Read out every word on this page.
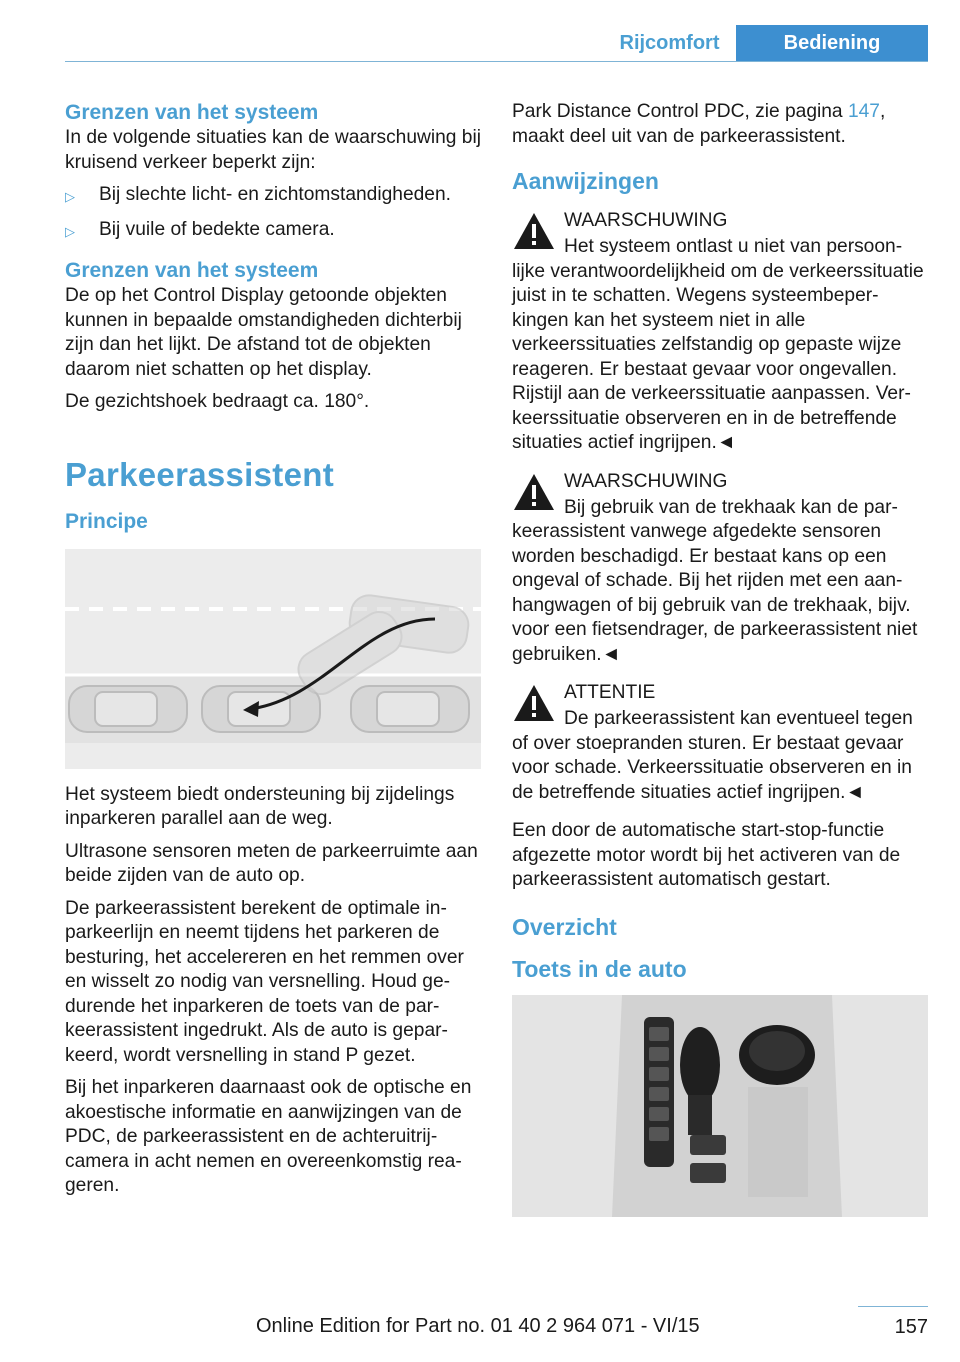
Rijcomfort	Bediening
Grenzen van het systeem

In de volgende situaties kan de waarschuwing bij kruisend verkeer beperkt zijn:

▷	Bij slechte licht- en zichtomstandigheden.
▷	Bij vuile of bedekte camera.
Grenzen van het systeem

De op het Control Display getoonde objekten kunnen in bepaalde omstandigheden dichterbij zijn dan het lijkt. De afstand tot de objekten daarom niet schatten op het display.

De gezichtshoek bedraagt ca. 180°.

Parkeerassistent
Principe

Het systeem biedt ondersteuning bij zijdelings inparkeren parallel aan de weg.

Ultrasone sensoren meten de parkeerruimte aan beide zijden van de auto op.

De parkeerassistent berekent de optimale inparkeerlijn en neemt tijdens het parkeren de besturing, het accelereren en het remmen over en wisselt zo nodig van versnelling. Houd gedurende het inparkeren de toets van de parkeerassistent ingedrukt. Als de auto is geparkeerd, wordt versnelling in stand P gezet.

Bij het inparkeren daarnaast ook de optische en akoestische informatie en aanwijzingen van de PDC, de parkeerassistent en de achteruitrijcamera in acht nemen en overeenkomstig reageren.

Park Distance Control PDC, zie pagina 147, maakt deel uit van de parkeerassistent.

Aanwijzingen
WAARSCHUWING
Het systeem ontlast u niet van persoonlijke verantwoordelijkheid om de verkeerssituatie juist in te schatten. Wegens systeembeperkingen kan het systeem niet in alle verkeerssituaties zelfstandig op gepaste wijze reageren. Er bestaat gevaar voor ongevallen. Rijstijl aan de verkeerssituatie aanpassen. Verkeerssituatie observeren en in de betreffende situaties actief ingrijpen.◄
WAARSCHUWING
Bij gebruik van de trekhaak kan de parkeerassistent vanwege afgedekte sensoren worden beschadigd. Er bestaat kans op een ongeval of schade. Bij het rijden met een aanhangwagen of bij gebruik van de trekhaak, bijv. voor een fietsendrager, de parkeerassistent niet gebruiken.◄
ATTENTIE
De parkeerassistent kan eventueel tegen of over stoepranden sturen. Er bestaat gevaar voor schade. Verkeerssituatie observeren en in de betreffende situaties actief ingrijpen.◄

Een door de automatische start-stop-functie afgezette motor wordt bij het activeren van de parkeerassistent automatisch gestart.

Overzicht
Toets in de auto
157
Online Edition for Part no. 01 40 2 964 071 - VI/15
